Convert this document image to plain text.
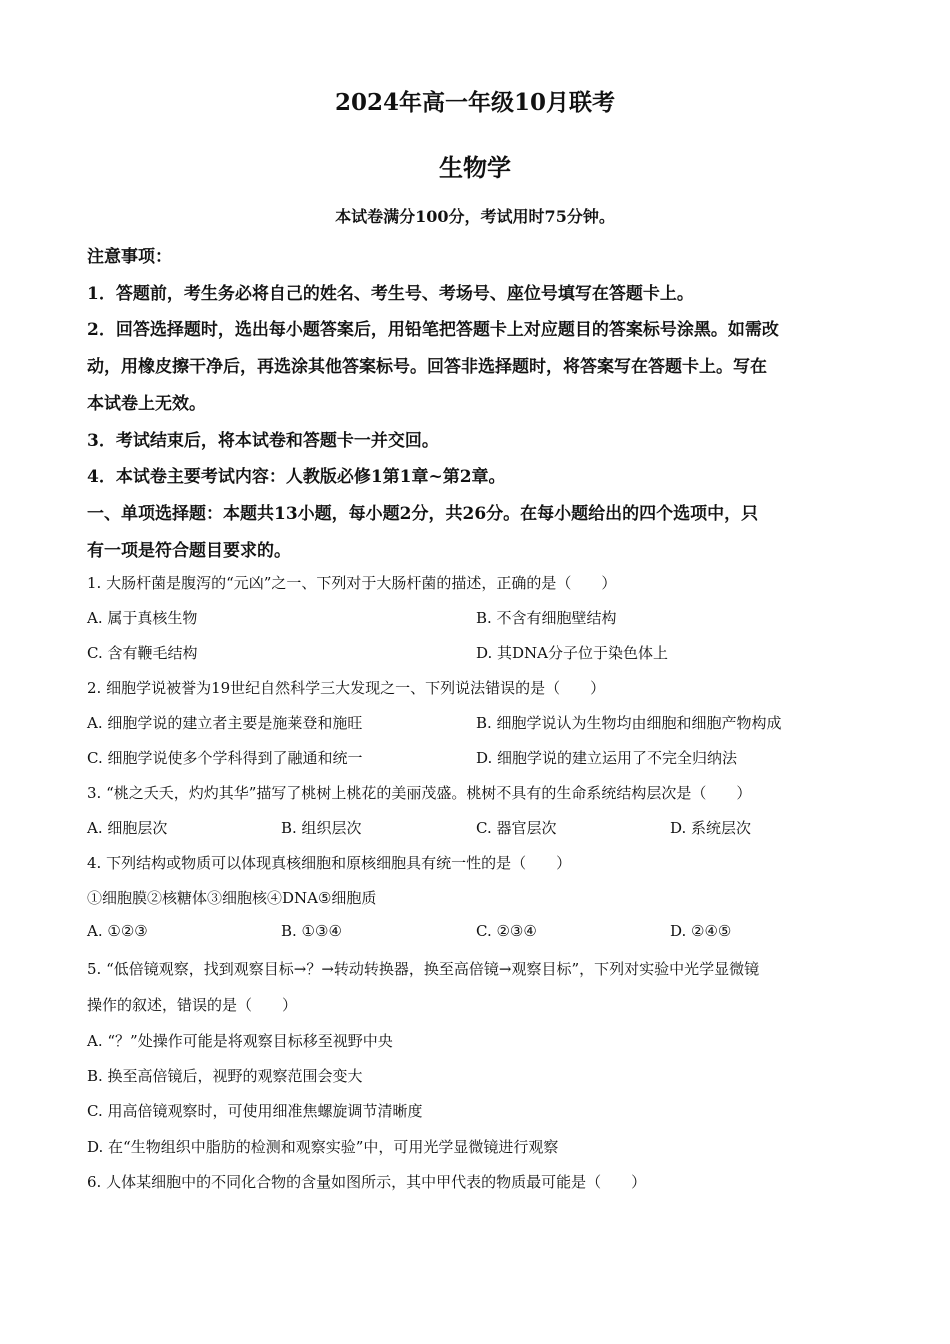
2024年高一年级10月联考
生物学
本试卷满分100分，考试用时75分钟。
注意事项：
1．答题前，考生务必将自己的姓名、考生号、考场号、座位号填写在答题卡上。
2．回答选择题时，选出每小题答案后，用铅笔把答题卡上对应题目的答案标号涂黑。如需改
动，用橡皮擦干净后，再选涂其他答案标号。回答非选择题时，将答案写在答题卡上。写在
本试卷上无效。
3．考试结束后，将本试卷和答题卡一并交回。
4．本试卷主要考试内容：人教版必修1第1章~第2章。
一、单项选择题：本题共13小题，每小题2分，共26分。在每小题给出的四个选项中，只
有一项是符合题目要求的。
1. 大肠杆菌是腹泻的“元凶”之一、下列对于大肠杆菌的描述，正确的是（　　）
A. 属于真核生物	B. 不含有细胞壁结构
C. 含有鞭毛结构	D. 其DNA分子位于染色体上
2. 细胞学说被誉为19世纪自然科学三大发现之一、下列说法错误的是（　　）
A. 细胞学说的建立者主要是施莱登和施旺	B. 细胞学说认为生物均由细胞和细胞产物构成
C. 细胞学说使多个学科得到了融通和统一	D. 细胞学说的建立运用了不完全归纳法
3. “桃之夭夭，灼灼其华”描写了桃树上桃花的美丽茂盛。桃树不具有的生命系统结构层次是（　　）
A. 细胞层次	B. 组织层次	C. 器官层次	D. 系统层次
4. 下列结构或物质可以体现真核细胞和原核细胞具有统一性的是（　　）
①细胞膜②核糖体③细胞核④DNA⑤细胞质
A. ①②③	B. ①③④	C. ②③④	D. ②④⑤
5. “低倍镜观察，找到观察目标→？→转动转换器，换至高倍镜→观察目标”，下列对实验中光学显微镜
操作的叙述，错误的是（　　）
A. “？”处操作可能是将观察目标移至视野中央
B. 换至高倍镜后，视野的观察范围会变大
C. 用高倍镜观察时，可使用细准焦螺旋调节清晰度
D. 在“生物组织中脂肪的检测和观察实验”中，可用光学显微镜进行观察
6. 人体某细胞中的不同化合物的含量如图所示，其中甲代表的物质最可能是（　　）
